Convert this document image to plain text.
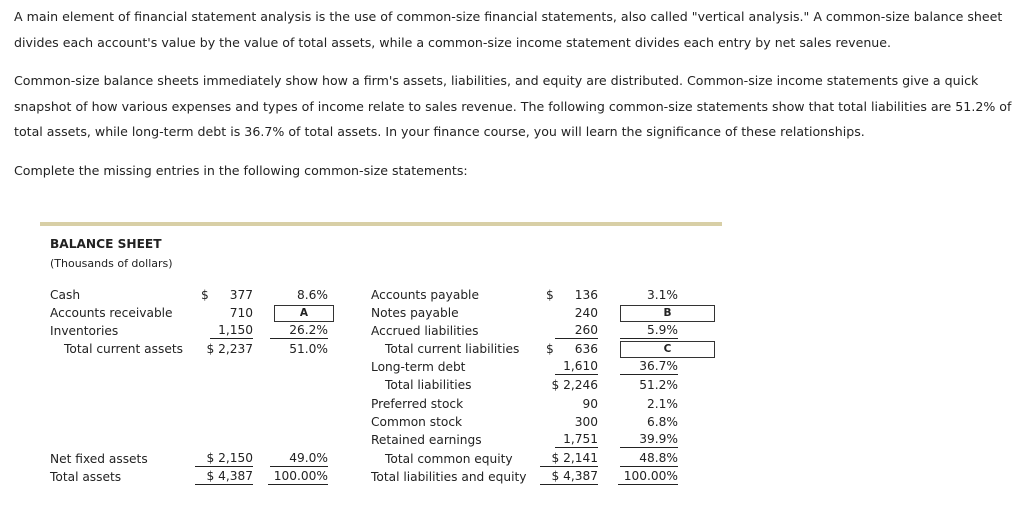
A main element of financial statement analysis is the use of common-size financial statements, also called "vertical analysis." A common-size balance sheet divides each account's value by the value of total assets, while a common-size income statement divides each entry by net sales revenue.

Common-size balance sheets immediately show how a firm's assets, liabilities, and equity are distributed. Common-size income statements give a quick snapshot of how various expenses and types of income relate to sales revenue. The following common-size statements show that total liabilities are 51.2% of total assets, while long-term debt is 36.7% of total assets. In your finance course, you will learn the significance of these relationships.

Complete the missing entries in the following common-size statements:

BALANCE SHEET
(Thousands of dollars)
Cash	$	377	8.6%
Accounts receivable	710	A
Inventories	1,150	26.2%
Total current assets	$ 2,237	51.0%
Net fixed assets	$ 2,150	49.0%
Total assets	$ 4,387	100.00%
Accounts payable	$	136	3.1%
Notes payable	240	B
Accrued liabilities	260	5.9%
Total current liabilities $	636	C
Long-term debt	1,610	36.7%
Total liabilities	$ 2,246	51.2%
Preferred stock	90	2.1%
Common stock	300	6.8%
Retained earnings	1,751	39.9%
Total common equity	$ 2,141	48.8%
Total liabilities and equity	$ 4,387	100.00%
